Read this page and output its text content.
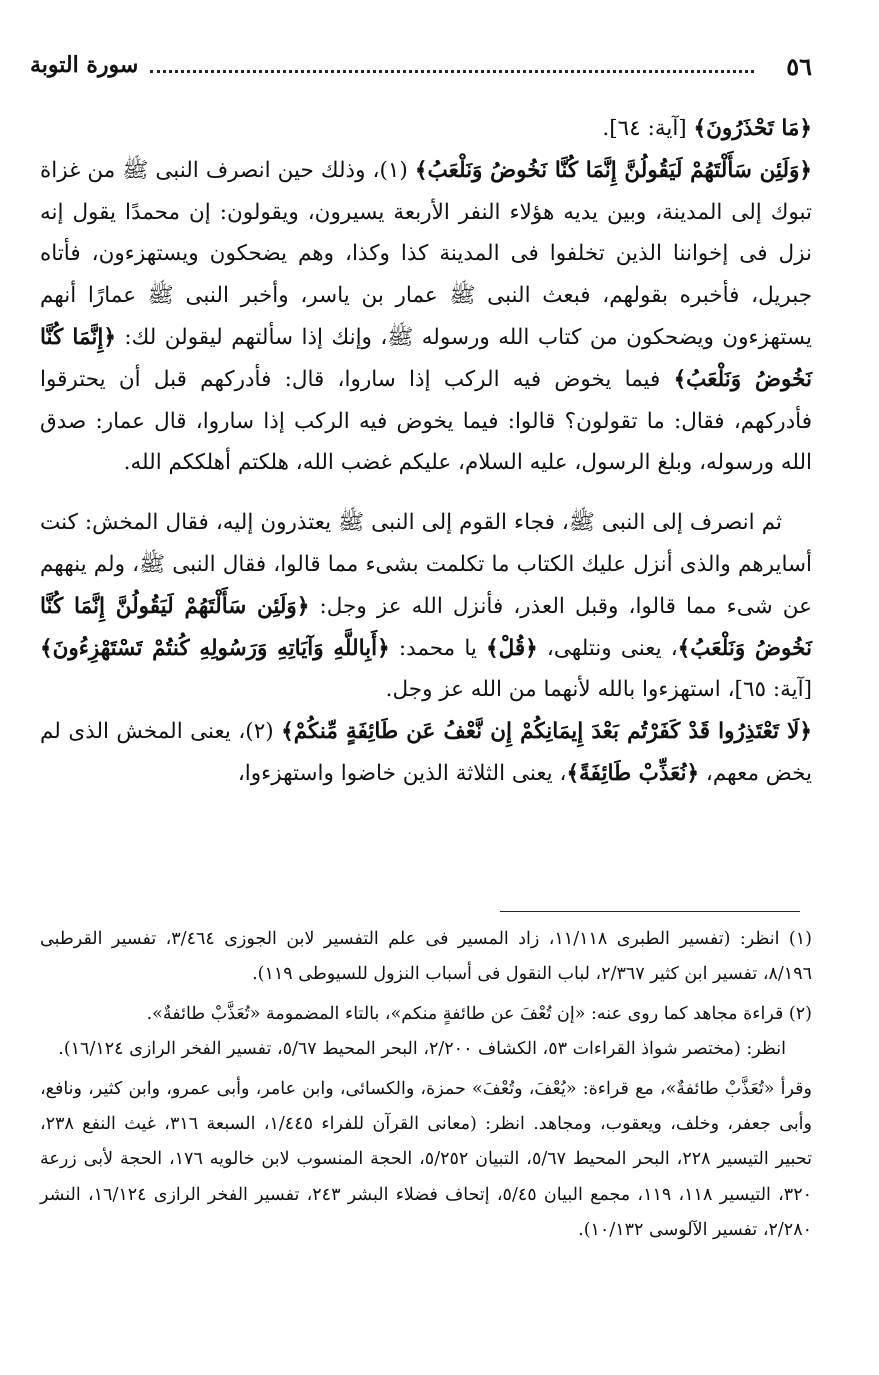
٥٦
سورة التوبة

﴿مَا تَحْذَرُونَ﴾ [آية: ٦٤].

﴿وَلَئِن سَأَلْتَهُمْ لَيَقُولُنَّ إِنَّمَا كُنَّا نَخُوضُ وَنَلْعَبُ﴾ (١)، وذلك حين انصرف النبى ﷺ من غزاة تبوك إلى المدينة، وبين يديه هؤلاء النفر الأربعة يسيرون، ويقولون: إن محمدًا يقول إنه نزل فى إخواننا الذين تخلفوا فى المدينة كذا وكذا، وهم يضحكون ويستهزءون، فأتاه جبريل، فأخبره بقولهم، فبعث النبى ﷺ عمار بن ياسر، وأخبر النبى ﷺ عمارًا أنهم يستهزءون ويضحكون من كتاب الله ورسوله ﷺ، وإنك إذا سألتهم ليقولن لك: ﴿إِنَّمَا كُنَّا نَخُوضُ وَنَلْعَبُ﴾ فيما يخوض فيه الركب إذا ساروا، قال: فأدركهم قبل أن يحترقوا فأدركهم، فقال: ما تقولون؟ قالوا: فيما يخوض فيه الركب إذا ساروا، قال عمار: صدق الله ورسوله، وبلغ الرسول، عليه السلام، عليكم غضب الله، هلكتم أهلككم الله.

ثم انصرف إلى النبى ﷺ، فجاء القوم إلى النبى ﷺ يعتذرون إليه، فقال المخش: كنت أسايرهم والذى أنزل عليك الكتاب ما تكلمت بشىء مما قالوا، فقال النبى ﷺ، ولم ينههم عن شىء مما قالوا، وقبل العذر، فأنزل الله عز وجل: ﴿وَلَئِن سَأَلْتَهُمْ لَيَقُولُنَّ إِنَّمَا كُنَّا نَخُوضُ وَنَلْعَبُ﴾، يعنى ونتلهى، ﴿قُلْ﴾ يا محمد: ﴿أَبِاللَّهِ وَآيَاتِهِ وَرَسُولِهِ كُنتُمْ تَسْتَهْزِءُونَ﴾ [آية: ٦٥]، استهزءوا بالله لأنهما من الله عز وجل.

﴿لَا تَعْتَذِرُوا قَدْ كَفَرْتُم بَعْدَ إِيمَانِكُمْ إِن نَّعْفُ عَن طَائِفَةٍ مِّنكُمْ﴾ (٢)، يعنى المخش الذى لم يخض معهم، ﴿نُعَذِّبْ طَائِفَةً﴾، يعنى الثلاثة الذين خاضوا واستهزءوا،

(١) انظر: (تفسير الطبرى ١١/١١٨، زاد المسير فى علم التفسير لابن الجوزى ٣/٤٦٤، تفسير القرطبى ٨/١٩٦، تفسير ابن كثير ٢/٣٦٧، لباب النقول فى أسباب النزول للسيوطى ١١٩).

(٢) قراءة مجاهد كما روى عنه: «إن تُعْفَ عن طائفةٍ منكم»، بالتاء المضمومة «تُعَذَّبْ طائفةٌ».

انظر: (مختصر شواذ القراءات ٥٣، الكشاف ٢/٢٠٠، البحر المحيط ٥/٦٧، تفسير الفخر الرازى ١٦/١٢٤).

وقرأ «تُعَذَّبْ طائفةٌ»، مع قراءة: «يُعْفَ، وتُعْفَ» حمزة، والكسائى، وابن عامر، وأبى عمرو، وابن كثير، ونافع، وأبى جعفر، وخلف، ويعقوب، ومجاهد. انظر: (معانى القرآن للفراء ١/٤٤٥، السبعة ٣١٦، غيث النفع ٢٣٨، تحبير التيسير ٢٢٨، البحر المحيط ٥/٦٧، التبيان ٥/٢٥٢، الحجة المنسوب لابن خالويه ١٧٦، الحجة لأبى زرعة ٣٢٠، التيسير ١١٨، ١١٩، مجمع البيان ٥/٤٥، إتحاف فضلاء البشر ٢٤٣، تفسير الفخر الرازى ١٦/١٢٤، النشر ٢/٢٨٠، تفسير الآلوسى ١٠/١٣٢).
